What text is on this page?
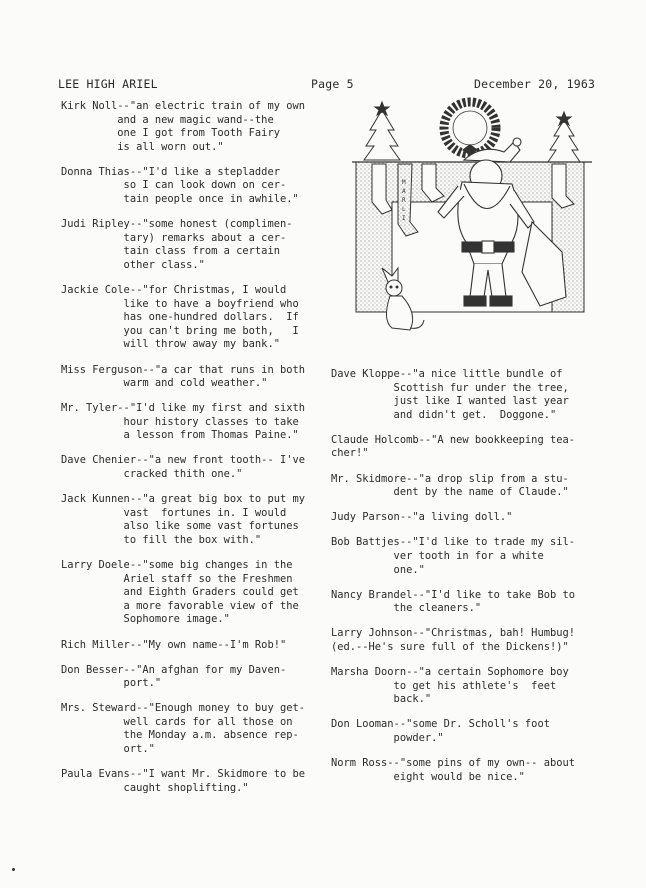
LEE HIGH ARIEL	Page 5	December 20, 1963
Kirk Noll--"an electric train of my own
and a new magic wand--the
one I got from Tooth Fairy
is all worn out."
Donna Thias--"I'd like a stepladder
so I can look down on cer-
tain people once in awhile."
Judi Ripley--"some honest (complimen-
tary) remarks about a cer-
tain class from a certain
other class."
Jackie Cole--"for Christmas, I would
like to have a boyfriend who
has one-hundred dollars.  If
you can't bring me both,   I
will throw away my bank."
Miss Ferguson--"a car that runs in both
warm and cold weather."
Mr. Tyler--"I'd like my first and sixth
hour history classes to take
a lesson from Thomas Paine."
Dave Chenier--"a new front tooth-- I've
cracked thith one."
Jack Kunnen--"a great big box to put my
vast  fortunes in. I would
also like some vast fortunes
to fill the box with."
Larry Doele--"some big changes in the
Ariel staff so the Freshmen
and Eighth Graders could get
a more favorable view of the
Sophomore image."
Rich Miller--"My own name--I'm Rob!"
Don Besser--"An afghan for my Daven-
port."
Mrs. Steward--"Enough money to buy get-
well cards for all those on
the Monday a.m. absence rep-
ort."
Paula Evans--"I want Mr. Skidmore to be
caught shoplifting."
Dave Kloppe--"a nice little bundle of
Scottish fur under the tree,
just like I wanted last year
and didn't get.  Doggone."
Claude Holcomb--"A new bookkeeping tea-
cher!"
Mr. Skidmore--"a drop slip from a stu-
dent by the name of Claude."
Judy Parson--"a living doll."
Bob Battjes--"I'd like to trade my sil-
ver tooth in for a white
one."
Nancy Brandel--"I'd like to take Bob to
the cleaners."
Larry Johnson--"Christmas, bah! Humbug!
(ed.--He's sure full of the Dickens!)"
Marsha Doorn--"a certain Sophomore boy
to get his athlete's  feet
back."
Don Looman--"some Dr. Scholl's foot
powder."
Norm Ross--"some pins of my own-- about
eight would be nice."
M
A
R
L
I
